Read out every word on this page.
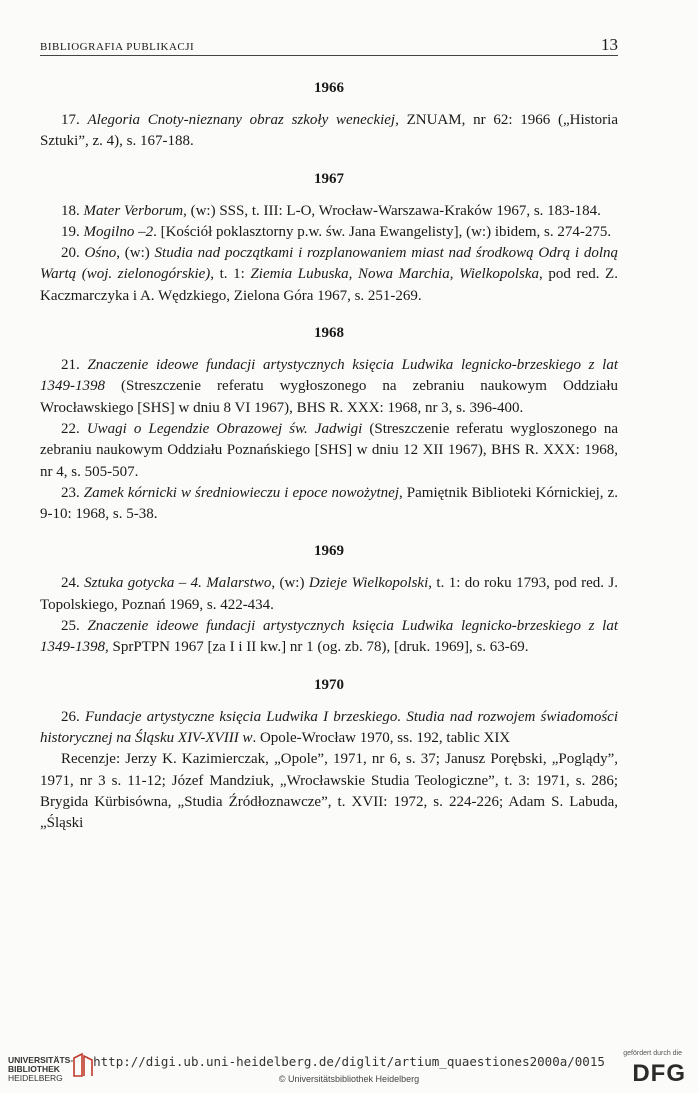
BIBLIOGRAFIA PUBLIKACJI	13

1966

17. Alegoria Cnoty-nieznany obraz szkoły weneckiej, ZNUAM, nr 62: 1966 („Historia Sztuki”, z. 4), s. 167-188.

1967

18. Mater Verborum, (w:) SSS, t. III: L-O, Wrocław-Warszawa-Kraków 1967, s. 183-184.

19. Mogilno –2. [Kościół poklasztorny p.w. św. Jana Ewangelisty], (w:) ibidem, s. 274-275.

20. Ośno, (w:) Studia nad początkami i rozplanowaniem miast nad środkową Odrą i dolną Wartą (woj. zielonogórskie), t. 1: Ziemia Lubuska, Nowa Marchia, Wielkopolska, pod red. Z. Kaczmarczyka i A. Wędzkiego, Zielona Góra 1967, s. 251-269.

1968

21. Znaczenie ideowe fundacji artystycznych księcia Ludwika legnicko-brzeskiego z lat 1349-1398 (Streszczenie referatu wygłoszonego na zebraniu naukowym Oddziału Wrocławskiego [SHS] w dniu 8 VI 1967), BHS R. XXX: 1968, nr 3, s. 396-400.

22. Uwagi o Legendzie Obrazowej św. Jadwigi (Streszczenie referatu wygloszonego na zebraniu naukowym Oddziału Poznańskiego [SHS] w dniu 12 XII 1967), BHS R. XXX: 1968, nr 4, s. 505-507.

23. Zamek kórnicki w średniowieczu i epoce nowożytnej, Pamiętnik Biblioteki Kórnickiej, z. 9-10: 1968, s. 5-38.

1969

24. Sztuka gotycka – 4. Malarstwo, (w:) Dzieje Wielkopolski, t. 1: do roku 1793, pod red. J. Topolskiego, Poznań 1969, s. 422-434.

25. Znaczenie ideowe fundacji artystycznych księcia Ludwika legnicko-brzeskiego z lat 1349-1398, SprPTPN 1967 [za I i II kw.] nr 1 (og. zb. 78), [druk. 1969], s. 63-69.

1970

26. Fundacje artystyczne księcia Ludwika I brzeskiego. Studia nad rozwojem świadomości historycznej na Śląsku XIV-XVIII w. Opole-Wrocław 1970, ss. 192, tablic XIX

Recenzje: Jerzy K. Kazimierczak, „Opole”, 1971, nr 6, s. 37; Janusz Porębski, „Poglądy”, 1971, nr 3 s. 11-12; Józef Mandziuk, „Wrocławskie Studia Teologiczne”, t. 3: 1971, s. 286; Brygida Kürbisówna, „Studia Źródłoznawcze”, t. XVII: 1972, s. 224-226; Adam S. Labuda, „Śląski

UNIVERSITÄTS-
BIBLIOTHEK
HEIDELBERG
http://digi.ub.uni-heidelberg.de/diglit/artium_quaestiones2000a/0015
© Universitätsbibliothek Heidelberg
gefördert durch die
DFG
